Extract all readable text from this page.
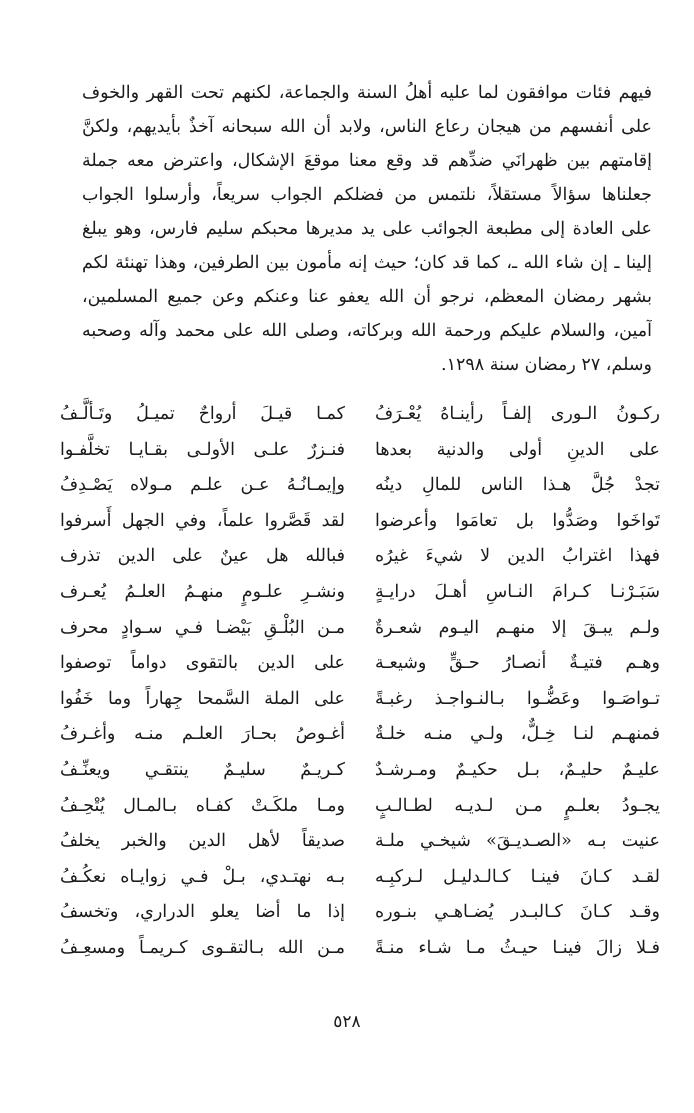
فيهم فئات موافقون لما عليه أهلُ السنة والجماعة، لكنهم تحت القهر والخوف
على أنفسهم من هيجان رعاع الناس، ولابد أن الله سبحانه آخذٌ بأيديهم، ولكنَّ
إقامتهم بين ظهرانَي ضدِّهم قد وقع معنا موقعَ الإشكال، واعترض معه جملة
جعلناها سؤالاً مستقلاً، نلتمس من فضلكم الجواب سريعاً، وأرسلوا الجواب
على العادة إلى مطبعة الجوائب على يد مديرها محبكم سليم فارس، وهو يبلغ
إلينا ـ إن شاء الله ـ، كما قد كان؛ حيث إنه مأمون بين الطرفين، وهذا تهنئة لكم
بشهر رمضان المعظم، نرجو أن الله يعفو عنا وعنكم وعن جميع المسلمين،
آمين، والسلام عليكم ورحمة الله وبركاته، وصلى الله على محمد وآله وصحبه
وسلم، ٢٧ رمضان سنة ١٢٩٨.
ركـونُ الـورى إلفـاً رأينـاهُ يُعْـرَفُ
كمـا قيـلَ أرواحٌ تميـلُ وتَـألَّـفُ
على الدينِ أولى والدنية بعدها
فنـزرٌ علـى الأولـى بقـايـا تخلَّفـوا
تجدْ جُلَّ هـذا الناس للمالِ دينُه
وإيمـانُـهُ عـن علـم مـولاه يَصْـدِفُ
تَواخَوا وصَدُّوا بل تعامَوا وأعرضوا
لقد قَصَّروا علماً، وفي الجهل أَسرفوا
فهذا اغترابُ الدين لا شيءَ غيرُه
فبالله هل عينٌ على الدين تذرف
سَبَـرْنـا كـرامَ النـاسِ أهـلَ درايـةٍ
ونشـرِ علـومٍ منهـمُ العلـمُ يُعـرف
ولـم يبـقَ إلا منهـم اليـوم شعـرةٌ
مـن البُلْـقِ بَيْضـا فـي سـوادٍ محرف
وهـم فتيـةٌ أنصـارُ حـقٍّ وشيعـة
على الدين بالتقوى دواماً توصفوا
تـواصَـوا وعَضُّـوا بـالنـواجـذ رغبـةً
على الملة السَّمحا جِهاراً وما خَفُوا
فمنهـم لنـا خِـلٌّ، ولـي منـه خلـةٌ
أغـوصُ بحـارَ العلـم منـه وأغـرفُ
عليـمٌ حليـمٌ، بـل حكيـمٌ ومـرشـدٌ
كـريـمٌ سليـمٌ ينتقـي ويعنِّـفُ
يجـودُ بعلـمٍ مـن لـديـه لطـالـبٍ
ومـا ملكَـتْ كفـاه بـالمـال يُتْحِـفُ
عنيت بـه «الصـديـقَ» شيخـي ملـة
صديقاً لأهل الدين والخبر يخلفُ
لقـد كـانَ فينـا كـالـدليـل لـركبِـه
بـه نهتـدي، بـلْ فـي زوايـاه نعكُـفُ
وقـد كـانَ كـالبـدر يُضـاهـي بنـوره
إذا ما أضا يعلو الدراري، وتخسفُ
فـلا زالَ فينـا حيـثُ مـا شـاء منـةً
مـن الله بـالتقـوى كـريمـاً ومسعِـفُ
٥٢٨
